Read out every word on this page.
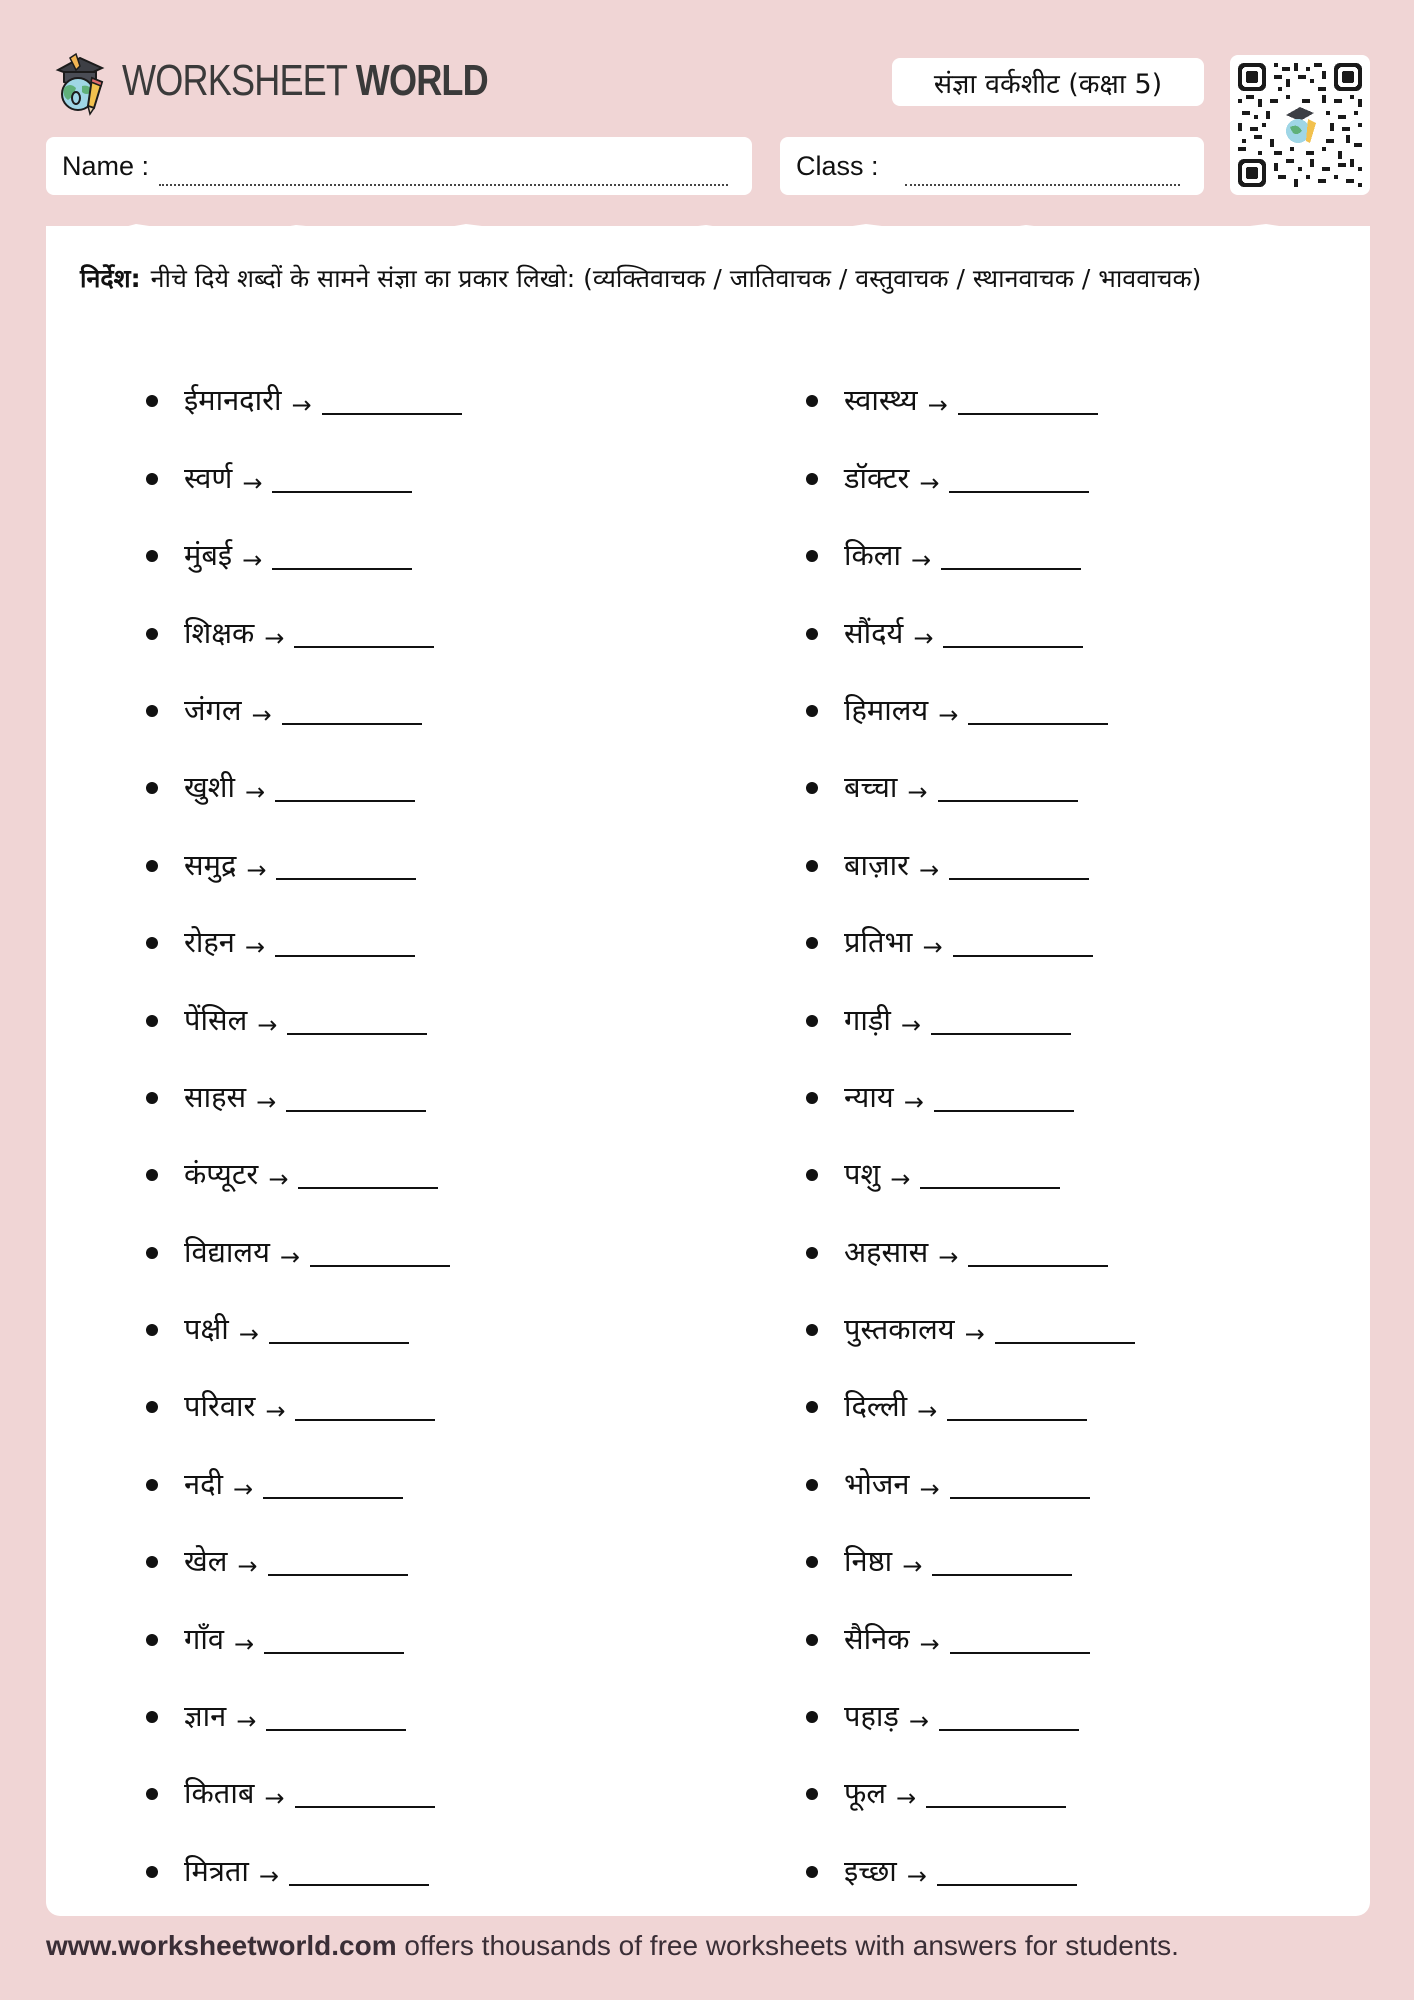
WORKSHEET WORLD	संज्ञा वर्कशीट (कक्षा 5)
Name :	Class :
निर्देश: नीचे दिये शब्दों के सामने संज्ञा का प्रकार लिखो: (व्यक्तिवाचक / जातिवाचक / वस्तुवाचक / स्थानवाचक / भाववाचक)
ईमानदारी →
स्वर्ण →
मुंबई →
शिक्षक →
जंगल →
खुशी →
समुद्र →
रोहन →
पेंसिल →
साहस →
कंप्यूटर →
विद्यालय →
पक्षी →
परिवार →
नदी →
खेल →
गाँव →
ज्ञान →
किताब →
मित्रता →
स्वास्थ्य →
डॉक्टर →
किला →
सौंदर्य →
हिमालय →
बच्चा →
बाज़ार →
प्रतिभा →
गाड़ी →
न्याय →
पशु →
अहसास →
पुस्तकालय →
दिल्ली →
भोजन →
निष्ठा →
सैनिक →
पहाड़ →
फूल →
इच्छा →
www.worksheetworld.com offers thousands of free worksheets with answers for students.
